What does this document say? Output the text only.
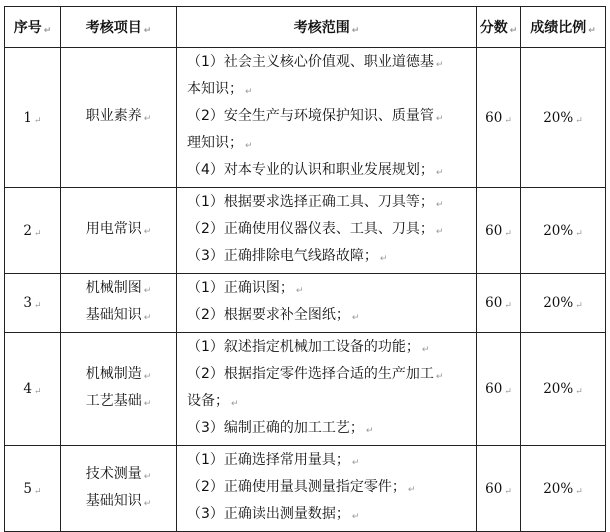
序号 ↵	考核项目 ↵	考核范围 ↵	分数 ↵	成绩比例 ↵
1 ↵	职业素养 ↵	（1）社会主义核心价值观、职业道德基 ↵
本知识； ↵
（2）安全生产与环境保护知识、质量管 ↵
理知识； ↵
（4）对本专业的认识和职业发展规划； ↵	60 ↵	20% ↵
2 ↵	用电常识 ↵	（1）根据要求选择正确工具、刀具等； ↵
（2）正确使用仪器仪表、工具、刀具； ↵
（3）正确排除电气线路故障； ↵	60 ↵	20% ↵
3 ↵	机械制图 ↵
基础知识 ↵	（1）正确识图； ↵
（2）根据要求补全图纸； ↵	60 ↵	20% ↵
4 ↵	机械制造 ↵
工艺基础 ↵	（1）叙述指定机械加工设备的功能； ↵
（2）根据指定零件选择合适的生产加工 ↵
设备； ↵
（3）编制正确的加工工艺； ↵	60 ↵	20% ↵
5 ↵	技术测量 ↵
基础知识 ↵	（1）正确选择常用量具； ↵
（2）正确使用量具测量指定零件； ↵
（3）正确读出测量数据； ↵	60 ↵	20% ↵
